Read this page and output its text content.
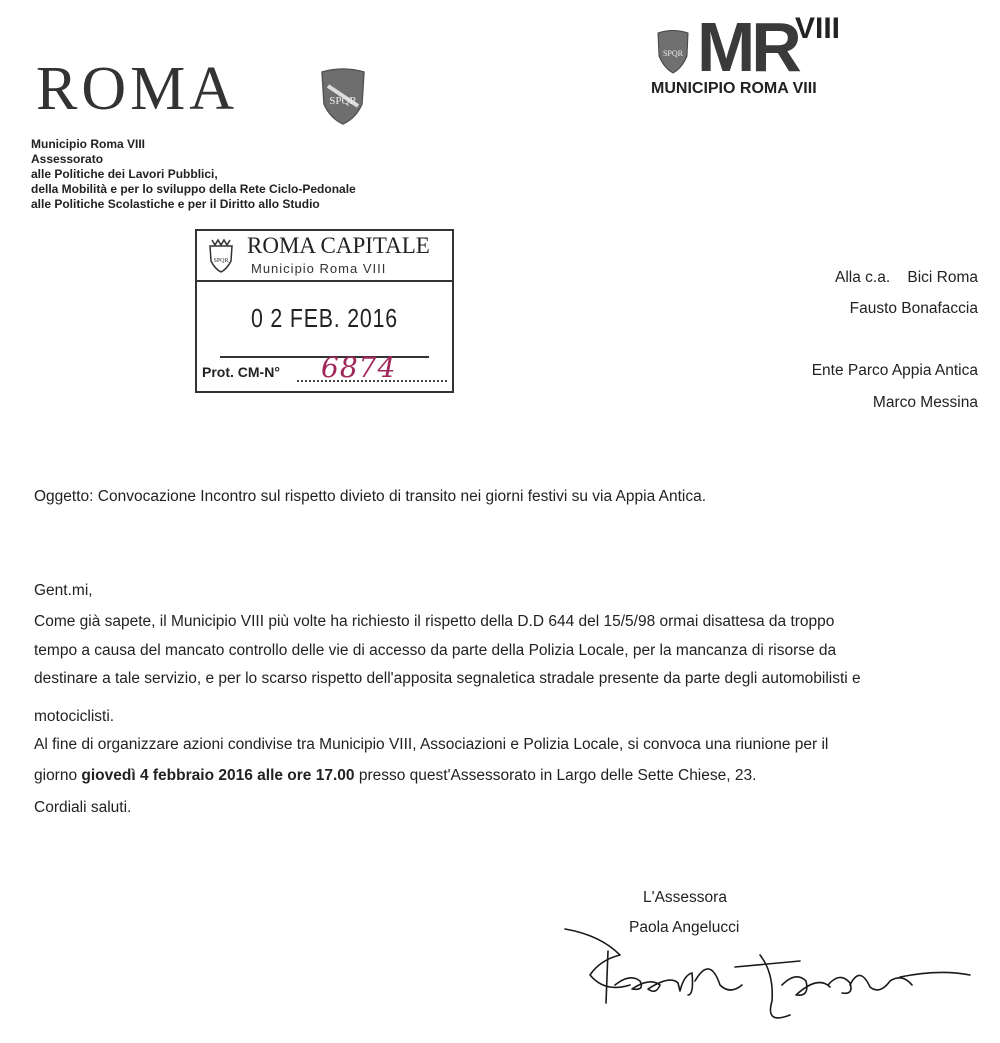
ROMA	SPQR
SPQR MR
VIII
MUNICIPIO ROMA VIII
Municipio Roma VIII
Assessorato
alle Politiche dei Lavori Pubblici,
della Mobilità e per lo sviluppo della Rete Ciclo-Pedonale
alle Politiche Scolastiche e per il Diritto allo Studio
SPQR
ROMA CAPITALE
Municipio Roma VIII
0 2 FEB. 2016
Prot. CM-N° 6874
Alla c.a. Bici Roma
Fausto Bonafaccia
Ente Parco Appia Antica
Marco Messina
Oggetto: Convocazione Incontro sul rispetto divieto di transito nei giorni festivi su via Appia Antica.
Gent.mi,
Come già sapete, il Municipio VIII più volte ha richiesto il rispetto della D.D 644 del 15/5/98 ormai disattesa da troppo
tempo a causa del mancato controllo delle vie di accesso da parte della Polizia Locale, per la mancanza di risorse da
destinare a tale servizio, e per lo scarso rispetto dell'apposita segnaletica stradale presente da parte degli automobilisti e
motociclisti.
Al fine di organizzare azioni condivise tra Municipio VIII, Associazioni e Polizia Locale, si convoca una riunione per il
giorno giovedì 4 febbraio 2016 alle ore 17.00 presso quest'Assessorato in Largo delle Sette Chiese, 23.
Cordiali saluti.
L'Assessora
Paola Angelucci
